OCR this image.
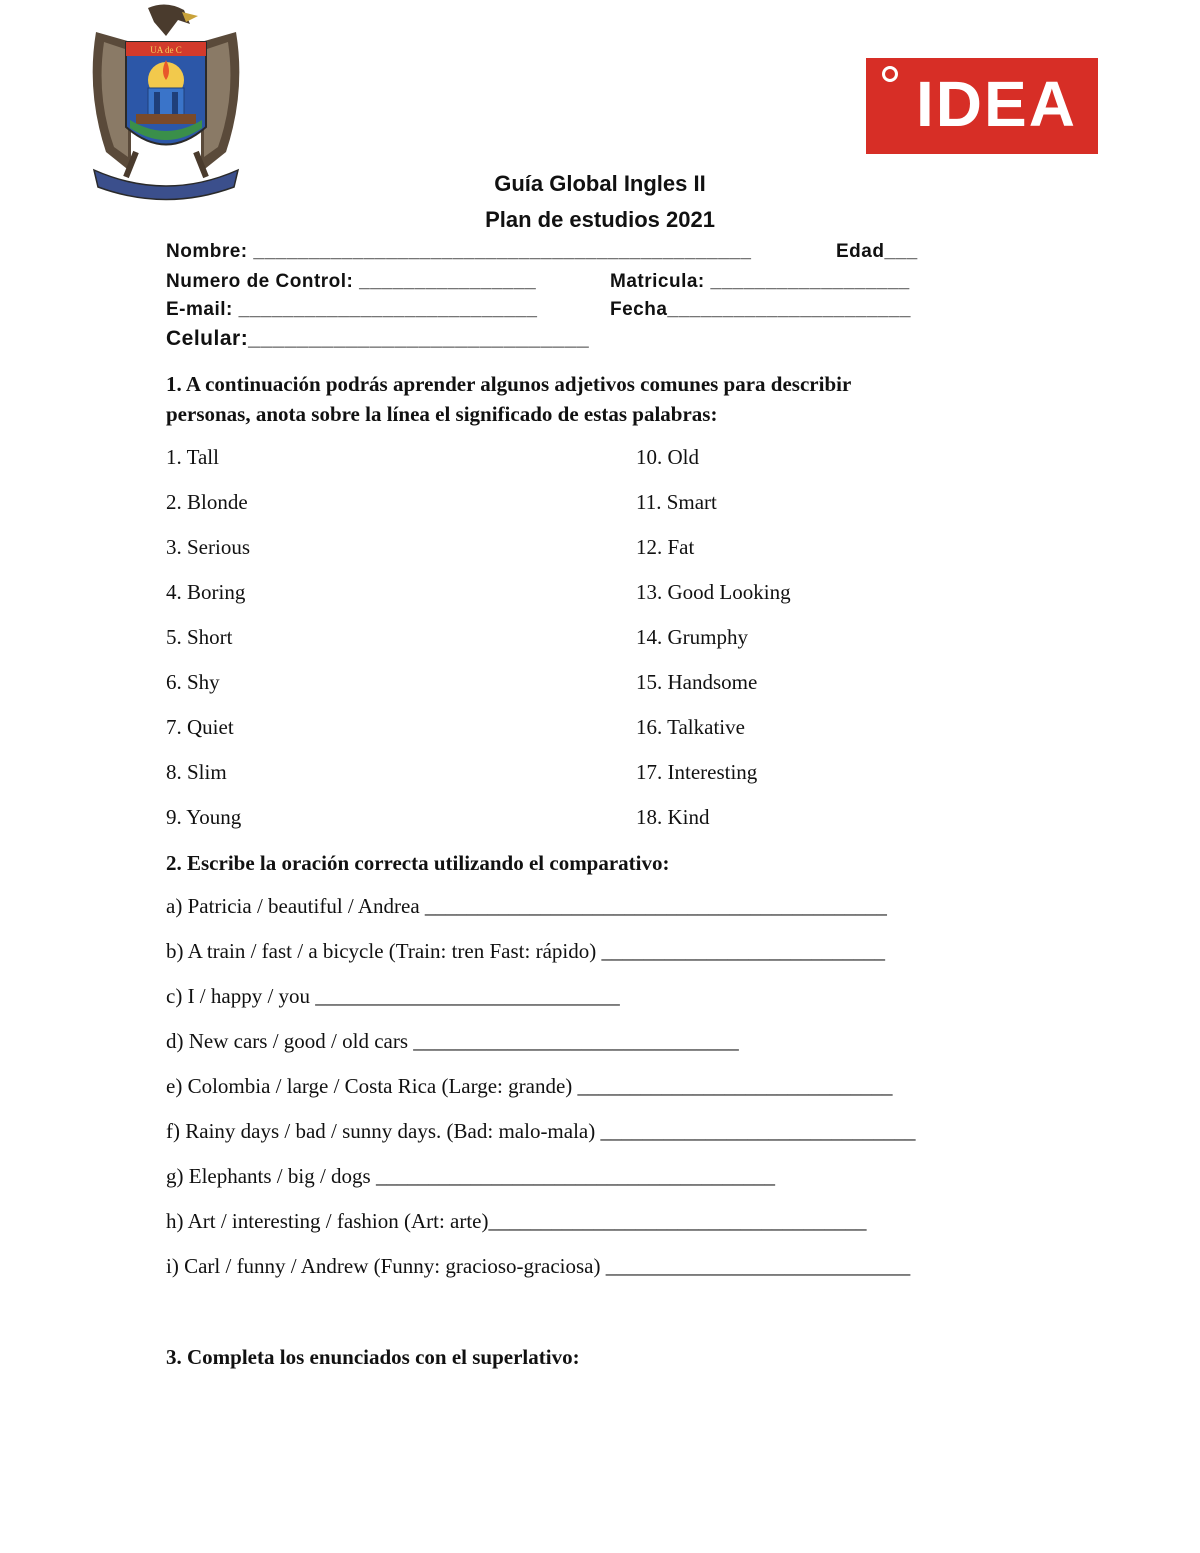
UA de C
IDEA
Guía Global Ingles II
Plan de estudios 2021
Nombre: _____________________________________________	Edad___
Numero de Control: ________________	Matricula: __________________
E-mail: ___________________________	Fecha______________________
Celular:____________________________
1. A continuación podrás aprender algunos adjetivos comunes para describir
personas, anota sobre la línea el significado de estas palabras:
1. Tall
2. Blonde
3. Serious
4. Boring
5. Short
6. Shy
7. Quiet
8. Slim
9. Young
10. Old
11. Smart
12. Fat
13. Good Looking
14. Grumphy
15. Handsome
16. Talkative
17. Interesting
18. Kind
2. Escribe la oración correcta utilizando el comparativo:
a) Patricia / beautiful / Andrea ____________________________________________
b) A train / fast / a bicycle (Train: tren Fast: rápido) ___________________________
c) I / happy / you _____________________________
d) New cars / good / old cars _______________________________
e) Colombia / large / Costa Rica (Large: grande) ______________________________
f) Rainy days / bad / sunny days. (Bad: malo-mala) ______________________________
g) Elephants / big / dogs ______________________________________
h) Art / interesting / fashion (Art: arte)____________________________________
i) Carl / funny / Andrew (Funny: gracioso-graciosa) _____________________________
3. Completa los enunciados con el superlativo:
